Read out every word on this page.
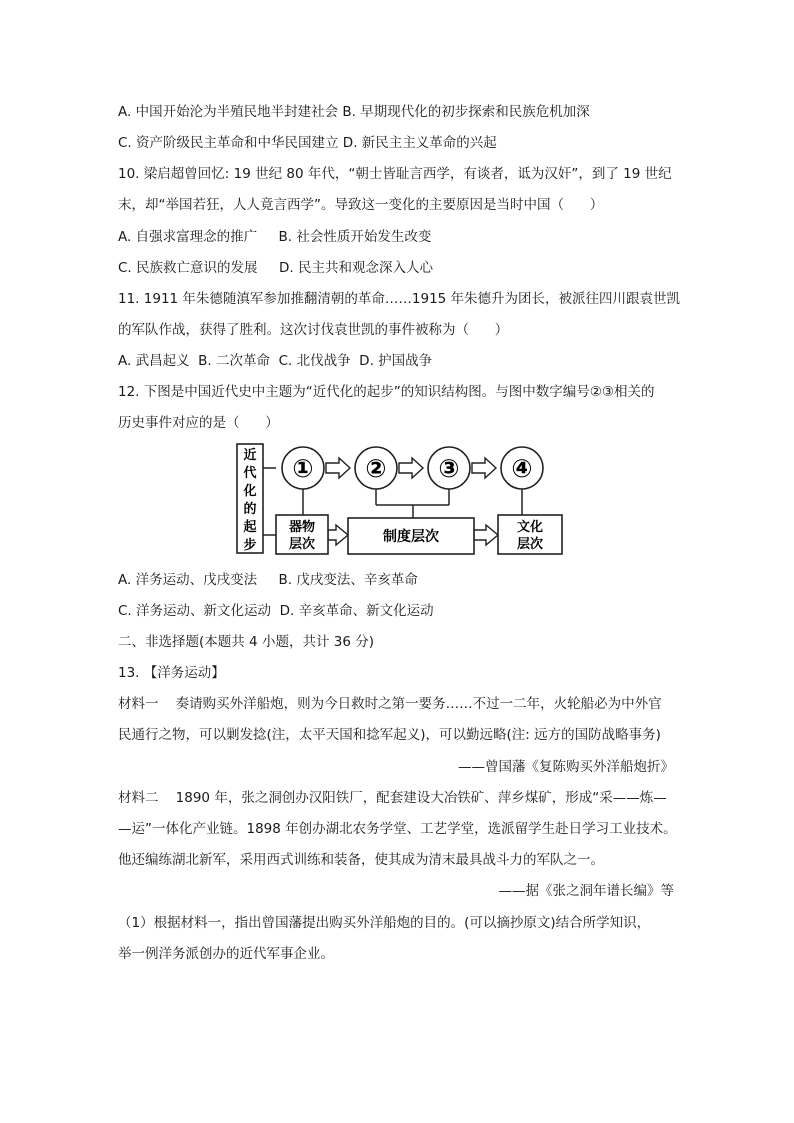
A. 中国开始沦为半殖民地半封建社会 B. 早期现代化的初步探索和民族危机加深
C. 资产阶级民主革命和中华民国建立 D. 新民主主义革命的兴起
10. 梁启超曾回忆: 19 世纪 80 年代，“朝士皆耻言西学，有谈者，诋为汉奸”，到了 19 世纪
末，却“举国若狂，人人竟言西学”。导致这一变化的主要原因是当时中国（      ）
A. 自强求富理念的推广     B. 社会性质开始发生改变
C. 民族救亡意识的发展     D. 民主共和观念深入人心
11. 1911 年朱德随滇军参加推翻清朝的革命……1915 年朱德升为团长，被派往四川跟袁世凯
的军队作战，获得了胜利。这次讨伐袁世凯的事件被称为（      ）
A. 武昌起义  B. 二次革命  C. 北伐战争  D. 护国战争
12. 下图是中国近代史中主题为“近代化的起步”的知识结构图。与图中数字编号②③相关的
历史事件对应的是（      ）
近
代
化
的
起
步
① ② ③ ④
器物
层次	制度层次
文化
层次
A. 洋务运动、戊戌变法     B. 戊戌变法、辛亥革命
C. 洋务运动、新文化运动  D. 辛亥革命、新文化运动
二、非选择题(本题共 4 小题，共计 36 分)
13. 【洋务运动】
材料一    奏请购买外洋船炮，则为今日救时之第一要务……不过一二年，火轮船必为中外官
民通行之物，可以剿发捻(注，太平天国和捻军起义)，可以勤远略(注: 远方的国防战略事务)
——曾国藩《复陈购买外洋船炮折》
材料二    1890 年，张之洞创办汉阳铁厂，配套建设大冶铁矿、萍乡煤矿，形成“采——炼—
—运”一体化产业链。1898 年创办湖北农务学堂、工艺学堂，选派留学生赴日学习工业技术。
他还编练湖北新军，采用西式训练和装备，使其成为清末最具战斗力的军队之一。
——据《张之洞年谱长编》等
（1）根据材料一，指出曾国藩提出购买外洋船炮的目的。(可以摘抄原文)结合所学知识，
举一例洋务派创办的近代军事企业。
